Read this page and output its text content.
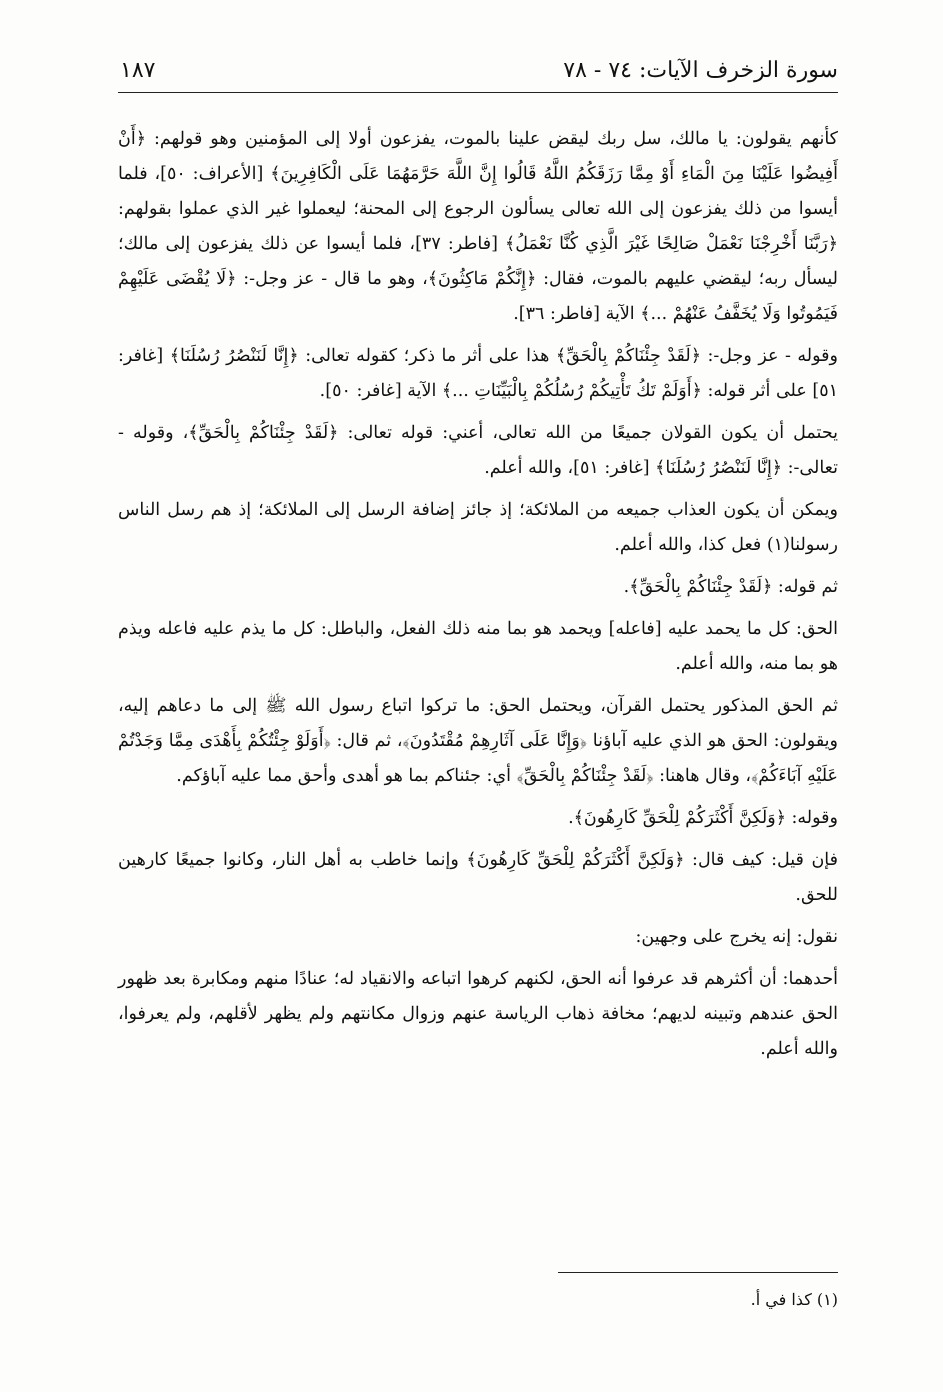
سورة الزخرف الآيات: ٧٤ - ٧٨
١٨٧

كأنهم يقولون: يا مالك، سل ربك ليقض علينا بالموت، يفزعون أولا إلى المؤمنين وهو قولهم: ﴿أَنْ أَفِيضُوا عَلَيْنَا مِنَ الْمَاءِ أَوْ مِمَّا رَزَقَكُمُ اللَّهُ قَالُوا إِنَّ اللَّهَ حَرَّمَهُمَا عَلَى الْكَافِرِينَ﴾ [الأعراف: ٥٠]، فلما أيسوا من ذلك يفزعون إلى الله تعالى يسألون الرجوع إلى المحنة؛ ليعملوا غير الذي عملوا بقولهم: ﴿رَبَّنَا أَخْرِجْنَا نَعْمَلْ صَالِحًا غَيْرَ الَّذِي كُنَّا نَعْمَلُ﴾ [فاطر: ٣٧]، فلما أيسوا عن ذلك يفزعون إلى مالك؛ ليسأل ربه؛ ليقضي عليهم بالموت، فقال: ﴿إِنَّكُمْ مَاكِثُونَ﴾، وهو ما قال - عز وجل-: ﴿لَا يُقْضَى عَلَيْهِمْ فَيَمُوتُوا وَلَا يُخَفَّفُ عَنْهُمْ ...﴾ الآية [فاطر: ٣٦].

وقوله - عز وجل-: ﴿لَقَدْ جِئْنَاكُمْ بِالْحَقِّ﴾ هذا على أثر ما ذكر؛ كقوله تعالى: ﴿إِنَّا لَنَنْصُرُ رُسُلَنَا﴾ [غافر: ٥١] على أثر قوله: ﴿أَوَلَمْ تَكُ تَأْتِيكُمْ رُسُلُكُمْ بِالْبَيِّنَاتِ ...﴾ الآية [غافر: ٥٠].

يحتمل أن يكون القولان جميعًا من الله تعالى، أعني: قوله تعالى: ﴿لَقَدْ جِئْنَاكُمْ بِالْحَقِّ﴾، وقوله - تعالى-: ﴿إِنَّا لَنَنْصُرُ رُسُلَنَا﴾ [غافر: ٥١]، والله أعلم.

ويمكن أن يكون العذاب جميعه من الملائكة؛ إذ جائز إضافة الرسل إلى الملائكة؛ إذ هم رسل الناس رسولنا(١) فعل كذا، والله أعلم.

ثم قوله: ﴿لَقَدْ جِئْنَاكُمْ بِالْحَقِّ﴾.

الحق: كل ما يحمد عليه [فاعله] ويحمد هو بما منه ذلك الفعل، والباطل: كل ما يذم عليه فاعله ويذم هو بما منه، والله أعلم.

ثم الحق المذكور يحتمل القرآن، ويحتمل الحق: ما تركوا اتباع رسول الله ﷺ إلى ما دعاهم إليه، ويقولون: الحق هو الذي عليه آباؤنا ﴿وَإِنَّا عَلَى آثَارِهِمْ مُقْتَدُونَ﴾، ثم قال: ﴿أَوَلَوْ جِئْتُكُمْ بِأَهْدَى مِمَّا وَجَدْتُمْ عَلَيْهِ آبَاءَكُمْ﴾، وقال هاهنا: ﴿لَقَدْ جِئْنَاكُمْ بِالْحَقِّ﴾ أي: جئناكم بما هو أهدى وأحق مما عليه آباؤكم.

وقوله: ﴿وَلَكِنَّ أَكْثَرَكُمْ لِلْحَقِّ كَارِهُونَ﴾.

فإن قيل: كيف قال: ﴿وَلَكِنَّ أَكْثَرَكُمْ لِلْحَقِّ كَارِهُونَ﴾ وإنما خاطب به أهل النار، وكانوا جميعًا كارهين للحق.

نقول: إنه يخرج على وجهين:

أحدهما: أن أكثرهم قد عرفوا أنه الحق، لكنهم كرهوا اتباعه والانقياد له؛ عنادًا منهم ومكابرة بعد ظهور الحق عندهم وتبينه لديهم؛ مخافة ذهاب الرياسة عنهم وزوال مكانتهم ولم يظهر لأقلهم، ولم يعرفوا، والله أعلم.

(١) كذا في أ.
